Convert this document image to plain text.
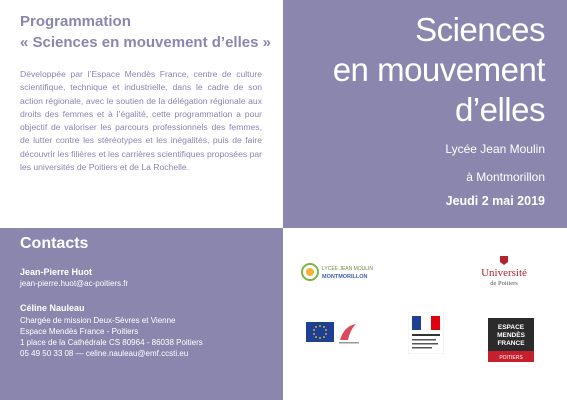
Programmation
« Sciences en mouvement d’elles »

Développée par l’Espace Mendès France, centre de culture scientifique, technique et industrielle, dans le cadre de son action régionale, avec le soutien de la délégation régionale aux droits des femmes et à l’égalité, cette programmation a pour objectif de valoriser les parcours professionnels des femmes, de lutter contre les stéréotypes et les inégalités, puis de faire découvrir les filières et les carrières scientifiques proposées par les universités de Poitiers et de La Rochelle.

Sciences
en mouvement
d’elles
Lycée Jean Moulin
à Montmorillon
Jeudi 2 mai 2019
Contacts
Jean-Pierre Huot
jean-pierre.huot@ac-poitiers.fr
Céline Nauleau
Chargée de mission Deux-Sèvres et Vienne
Espace Mendès France - Poitiers
1 place de la Cathédrale CS 80964 - 86038 Poitiers
05 49 50 33 08 — celine.nauleau@emf.ccsti.eu
LYCÉE JEAN MOULIN
MONTMORILLON	Université
de Poitiers
ESPACE
MENDÈS
FRANCE
POITIERS
